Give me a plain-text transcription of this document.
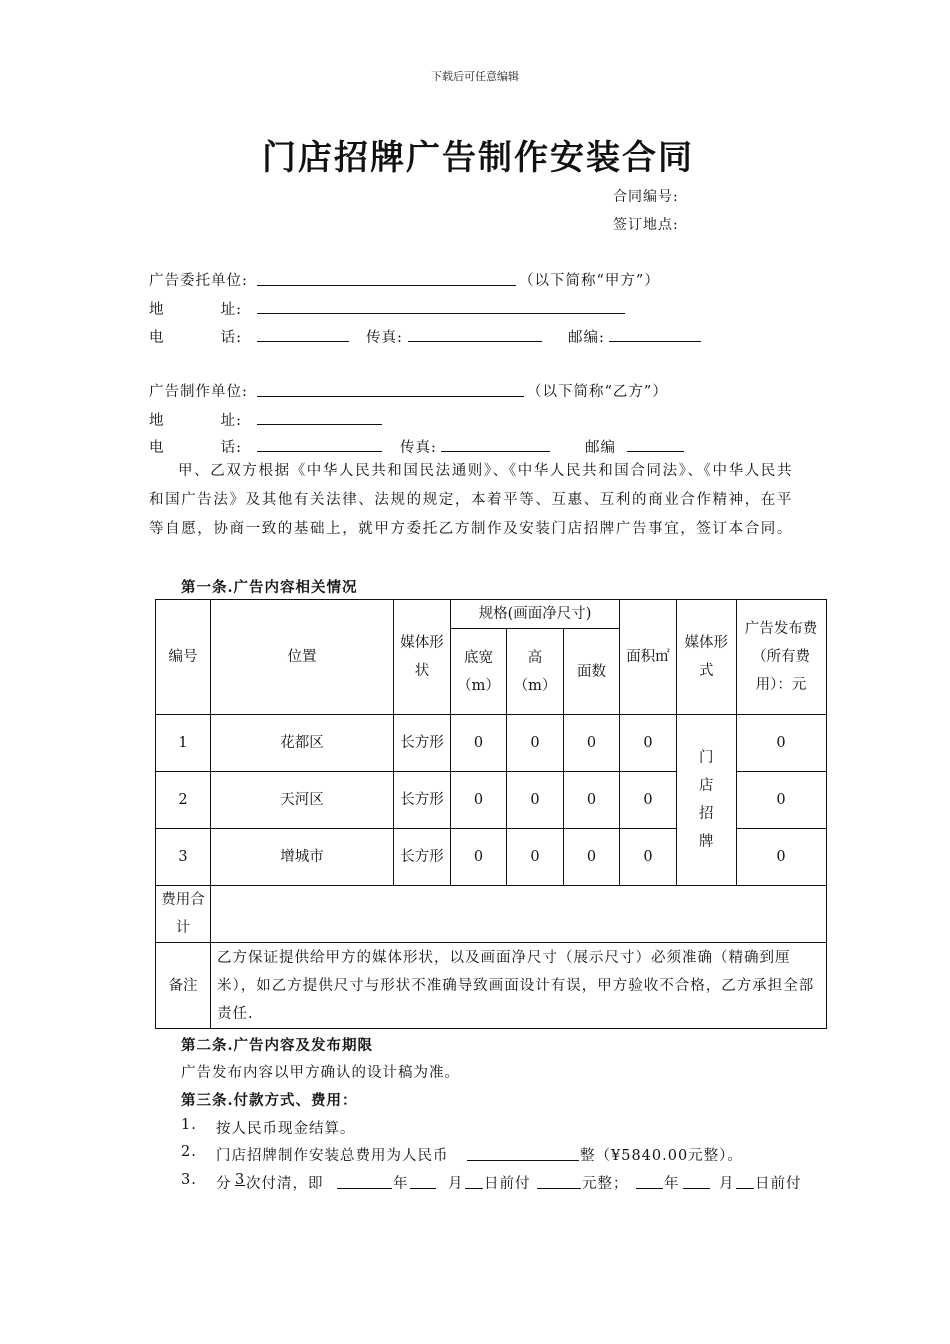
下载后可任意编辑
门店招牌广告制作安装合同
合同编号:
签订地点:
广告委托单位:	（以下简称“甲方”）
地          址:
电          话:	传真:	邮编:
广告制作单位:	（以下简称“乙方”）
地          址:
电          话:	传真:	邮编

甲、乙双方根据《中华人民共和国民法通则》、《中华人民共和国合同法》、《中华人民共和国广告法》及其他有关法律、法规的规定，本着平等、互惠、互利的商业合作精神，在平等自愿，协商一致的基础上，就甲方委托乙方制作及安装门店招牌广告事宜，签订本合同。

第一条.广告内容相关情况
编号	位置	媒体形状	规格(画面净尺寸)			面积㎡	媒体形式	广告发布费（所有费用）：元
			底宽（m）	高（m）	面数			
1	花都区	长方形	0	0	0	0	门店招牌	0
2	天河区	长方形	0	0	0	0		0
3	增城市	长方形	0	0	0	0		0
费用合计								
备注	乙方保证提供给甲方的媒体形状，以及画面净尺寸（展示尺寸）必须准确（精确到厘米），如乙方提供尺寸与形状不准确导致画面设计有误，甲方验收不合格，乙方承担全部责任.							
第二条.广告内容及发布期限
广告发布内容以甲方确认的设计稿为准。
第三条.付款方式、费用：
1. 按人民币现金结算。
2. 门店招牌制作安装总费用为人民币	整（¥5840.00元整）。
3. 分 3 次付清，即	年	月 日前付	元整； 年	月 日前付
